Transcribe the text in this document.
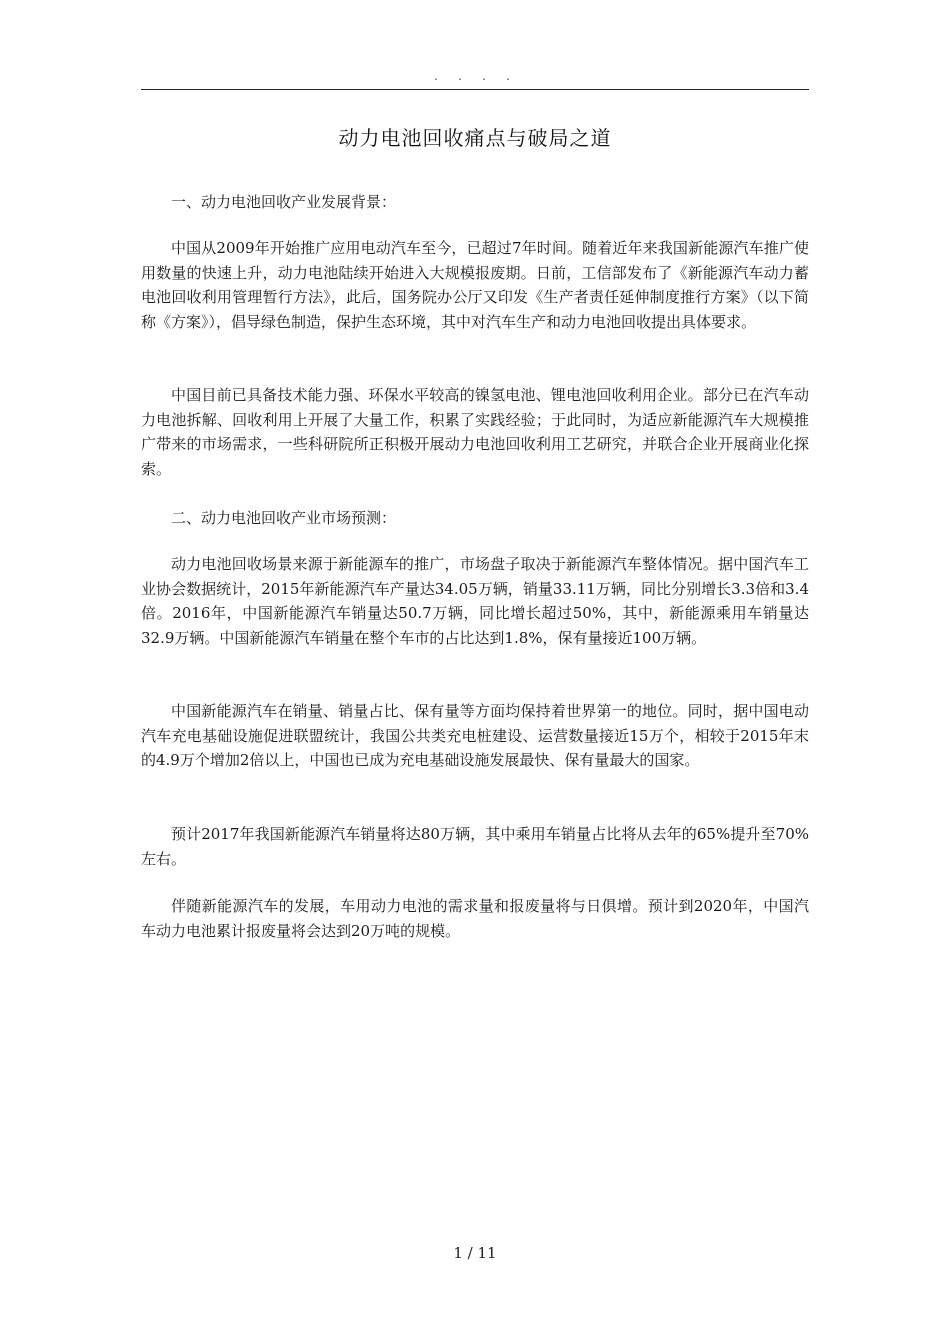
. . . .
动力电池回收痛点与破局之道

一、动力电池回收产业发展背景：

中国从2009年开始推广应用电动汽车至今，已超过7年时间。随着近年来我国新能源汽车推广使用数量的快速上升，动力电池陆续开始进入大规模报废期。日前，工信部发布了《新能源汽车动力蓄电池回收利用管理暂行方法》，此后，国务院办公厅又印发《生产者责任延伸制度推行方案》（以下简称《方案》），倡导绿色制造，保护生态环境，其中对汽车生产和动力电池回收提出具体要求。

中国目前已具备技术能力强、环保水平较高的镍氢电池、锂电池回收利用企业。部分已在汽车动力电池拆解、回收利用上开展了大量工作，积累了实践经验；于此同时，为适应新能源汽车大规模推广带来的市场需求，一些科研院所正积极开展动力电池回收利用工艺研究，并联合企业开展商业化探索。

二、动力电池回收产业市场预测：

动力电池回收场景来源于新能源车的推广，市场盘子取决于新能源汽车整体情况。据中国汽车工业协会数据统计，2015年新能源汽车产量达34.05万辆，销量33.11万辆，同比分别增长3.3倍和3.4倍。2016年，中国新能源汽车销量达50.7万辆，同比增长超过50%，其中，新能源乘用车销量达32.9万辆。中国新能源汽车销量在整个车市的占比达到1.8%，保有量接近100万辆。

中国新能源汽车在销量、销量占比、保有量等方面均保持着世界第一的地位。同时，据中国电动汽车充电基础设施促进联盟统计，我国公共类充电桩建设、运营数量接近15万个，相较于2015年末的4.9万个增加2倍以上，中国也已成为充电基础设施发展最快、保有量最大的国家。

预计2017年我国新能源汽车销量将达80万辆，其中乘用车销量占比将从去年的65%提升至70%左右。

伴随新能源汽车的发展，车用动力电池的需求量和报废量将与日俱增。预计到2020年，中国汽车动力电池累计报废量将会达到20万吨的规模。

1 / 11
